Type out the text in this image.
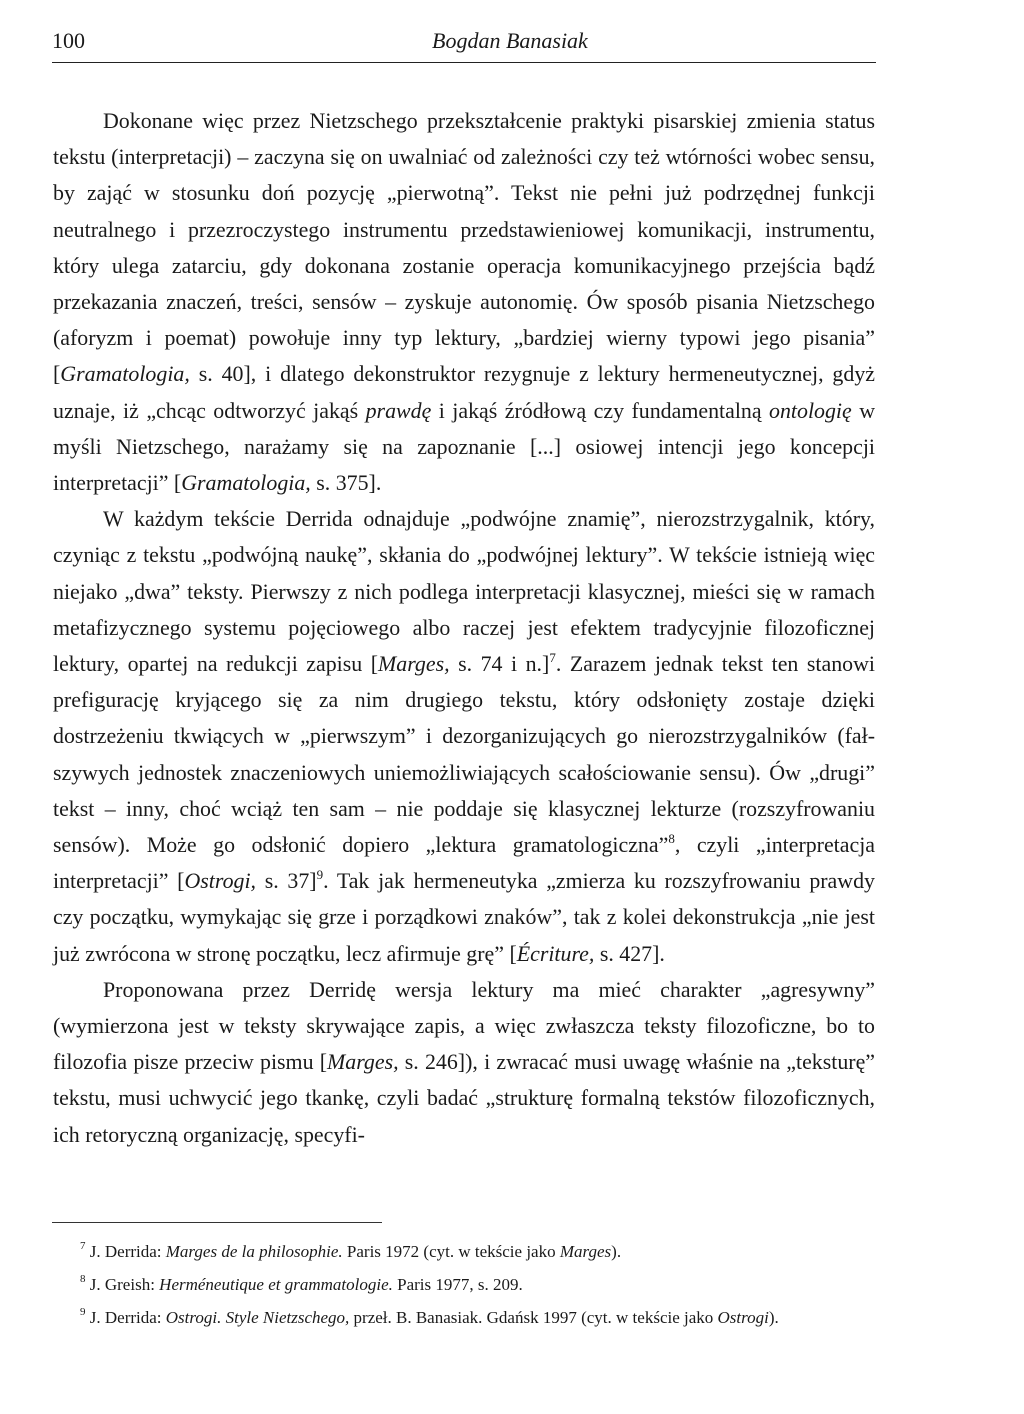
100	Bogdan Banasiak

Dokonane więc przez Nietzschego przekształcenie praktyki pisarskiej zmienia status tekstu (interpretacji) – zaczyna się on uwalniać od zależności czy też wtórności wobec sensu, by zająć w stosunku doń pozycję „pierwotną”. Tekst nie pełni już podrzędnej funkcji neutralnego i przezroczystego instrumentu przedstawieniowej komunikacji, instrumentu, który ulega zatarciu, gdy dokonana zostanie operacja komunikacyjnego przejścia bądź przekazania znaczeń, treści, sensów – zyskuje autonomię. Ów sposób pisania Nietzschego (aforyzm i poemat) powołuje inny typ lektury, „bardziej wierny typowi jego pisania” [Gramatologia, s. 40], i dlatego dekonstruktor rezygnuje z lektury hermeneutycznej, gdyż uznaje, iż „chcąc odtworzyć jakąś prawdę i jakąś źródłową czy fundamentalną ontologię w myśli Nietzschego, narażamy się na zapoznanie [...] osiowej intencji jego koncepcji interpretacji” [Gramatologia, s. 375].

W każdym tekście Derrida odnajduje „podwójne znamię”, nierozstrzygalnik, który, czyniąc z tekstu „podwójną naukę”, skłania do „podwójnej lektury”. W tekście istnieją więc niejako „dwa” teksty. Pierwszy z nich podlega interpretacji klasycznej, mieści się w ramach metafizycznego systemu pojęciowego albo raczej jest efektem tradycyjnie filozoficznej lektury, opartej na redukcji zapisu [Marges, s. 74 i n.]$^7$. Zarazem jednak tekst ten stanowi prefigurację kryjącego się za nim drugiego tekstu, który odsłonięty zostaje dzięki dostrzeżeniu tkwiących w „pierwszym” i dezorganizujących go nierozstrzygalników (fałszywych jednostek znaczeniowych uniemożliwiających scałościowanie sensu). Ów „drugi” tekst – inny, choć wciąż ten sam – nie poddaje się klasycznej lekturze (rozszyfrowaniu sensów). Może go odsłonić dopiero „lektura gramatologiczna”$^8$, czyli „interpretacja interpretacji” [Ostrogi, s. 37]$^9$. Tak jak hermeneutyka „zmierza ku rozszyfrowaniu prawdy czy początku, wymykając się grze i porządkowi znaków”, tak z kolei dekonstrukcja „nie jest już zwrócona w stronę początku, lecz afirmuje grę” [Écriture, s. 427].

Proponowana przez Derridę wersja lektury ma mieć charakter „agresywny” (wymierzona jest w teksty skrywające zapis, a więc zwłaszcza teksty filozoficzne, bo to filozofia pisze przeciw pismu [Marges, s. 246]), i zwracać musi uwagę właśnie na „teksturę” tekstu, musi uchwycić jego tkankę, czyli badać „strukturę formalną tekstów filozoficznych, ich retoryczną organizację, specyfi-

$^7$ J. Derrida: Marges de la philosophie. Paris 1972 (cyt. w tekście jako Marges).

$^8$ J. Greish: Herméneutique et grammatologie. Paris 1977, s. 209.

$^9$ J. Derrida: Ostrogi. Style Nietzschego, przeł. B. Banasiak. Gdańsk 1997 (cyt. w tekście jako Ostrogi).
